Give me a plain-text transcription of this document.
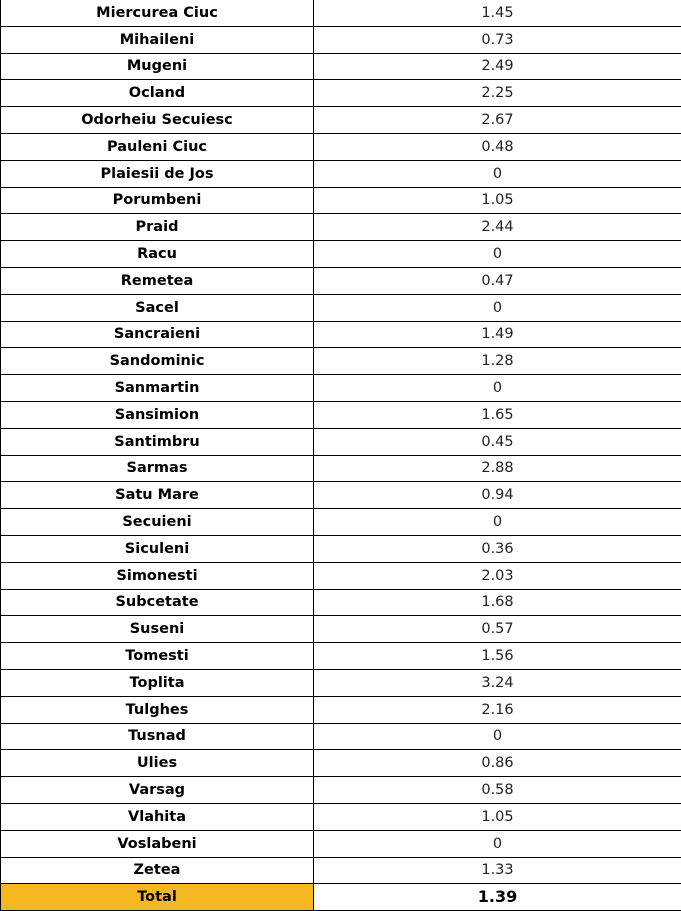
Miercurea Ciuc	1.45
Mihaileni	0.73
Mugeni	2.49
Ocland	2.25
Odorheiu Secuiesc	2.67
Pauleni Ciuc	0.48
Plaiesii de Jos	0
Porumbeni	1.05
Praid	2.44
Racu	0
Remetea	0.47
Sacel	0
Sancraieni	1.49
Sandominic	1.28
Sanmartin	0
Sansimion	1.65
Santimbru	0.45
Sarmas	2.88
Satu Mare	0.94
Secuieni	0
Siculeni	0.36
Simonesti	2.03
Subcetate	1.68
Suseni	0.57
Tomesti	1.56
Toplita	3.24
Tulghes	2.16
Tusnad	0
Ulies	0.86
Varsag	0.58
Vlahita	1.05
Voslabeni	0
Zetea	1.33
Total	1.39
